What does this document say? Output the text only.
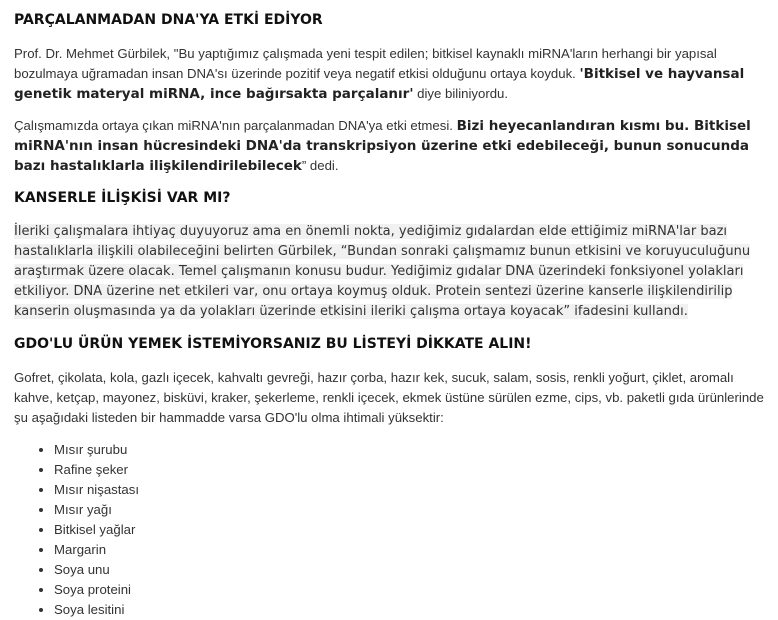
PARÇALANMADAN DNA'YA ETKİ EDİYOR

Prof. Dr. Mehmet Gürbilek, "Bu yaptığımız çalışmada yeni tespit edilen; bitkisel kaynaklı miRNA'ların herhangi bir yapısal bozulmaya uğramadan insan DNA'sı üzerinde pozitif veya negatif etkisi olduğunu ortaya koyduk. 'Bitkisel ve hayvansal genetik materyal miRNA, ince bağırsakta parçalanır' diye biliniyordu.

Çalışmamızda ortaya çıkan miRNA'nın parçalanmadan DNA'ya etki etmesi. Bizi heyecanlandıran kısmı bu. Bitkisel miRNA'nın insan hücresindeki DNA'da transkripsiyon üzerine etki edebileceği, bunun sonucunda bazı hastalıklarla ilişkilendirilebilecek” dedi.

KANSERLE İLİŞKİSİ VAR MI?

İleriki çalışmalara ihtiyaç duyuyoruz ama en önemli nokta, yediğimiz gıdalardan elde ettiğimiz miRNA'lar bazı hastalıklarla ilişkili olabileceğini belirten Gürbilek, “Bundan sonraki çalışmamız bunun etkisini ve koruyuculuğunu araştırmak üzere olacak. Temel çalışmanın konusu budur. Yediğimiz gıdalar DNA üzerindeki fonksiyonel yolakları etkiliyor. DNA üzerine net etkileri var, onu ortaya koymuş olduk. Protein sentezi üzerine kanserle ilişkilendirilip kanserin oluşmasında ya da yolakları üzerinde etkisini ileriki çalışma ortaya koyacak” ifadesini kullandı.

GDO'LU ÜRÜN YEMEK İSTEMİYORSANIZ BU LİSTEYİ DİKKATE ALIN!

Gofret, çikolata, kola, gazlı içecek, kahvaltı gevreği, hazır çorba, hazır kek, sucuk, salam, sosis, renkli yoğurt, çiklet, aromalı kahve, ketçap, mayonez, bisküvi, kraker, şekerleme, renkli içecek, ekmek üstüne sürülen ezme, cips, vb. paketli gıda ürünlerinde şu aşağıdaki listeden bir hammadde varsa GDO'lu olma ihtimali yüksektir:

• Mısır şurubu
• Rafine şeker
• Mısır nişastası
• Mısır yağı
• Bitkisel yağlar
• Margarin
• Soya unu
• Soya proteini
• Soya lesitini
